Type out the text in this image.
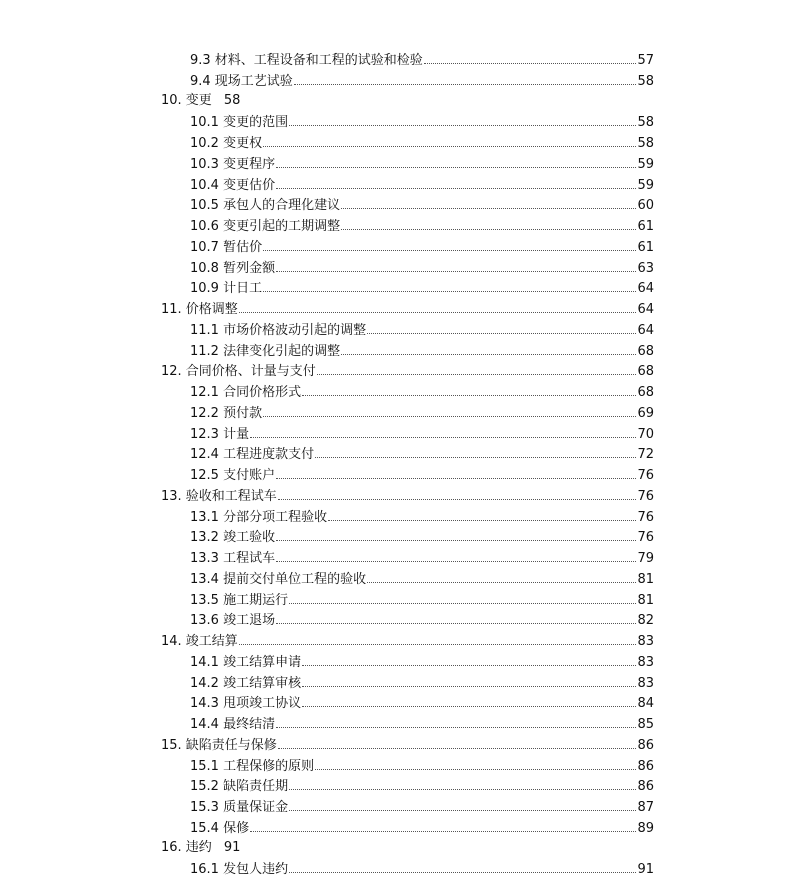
9.3 材料、工程设备和工程的试验和检验	57
9.4 现场工艺试验	58
10. 变更 58
10.1 变更的范围	58
10.2 变更权	58
10.3 变更程序	59
10.4 变更估价	59
10.5 承包人的合理化建议	60
10.6 变更引起的工期调整	61
10.7 暂估价	61
10.8 暂列金额	63
10.9 计日工	64
11. 价格调整	64
11.1 市场价格波动引起的调整	64
11.2 法律变化引起的调整	68
12. 合同价格、计量与支付	68
12.1 合同价格形式	68
12.2 预付款	69
12.3 计量	70
12.4 工程进度款支付	72
12.5 支付账户	76
13. 验收和工程试车	76
13.1 分部分项工程验收	76
13.2 竣工验收	76
13.3 工程试车	79
13.4 提前交付单位工程的验收	81
13.5 施工期运行	81
13.6 竣工退场	82
14. 竣工结算	83
14.1 竣工结算申请	83
14.2 竣工结算审核	83
14.3 甩项竣工协议	84
14.4 最终结清	85
15. 缺陷责任与保修	86
15.1 工程保修的原则	86
15.2 缺陷责任期	86
15.3 质量保证金	87
15.4 保修	89
16. 违约 91
16.1 发包人违约	91
